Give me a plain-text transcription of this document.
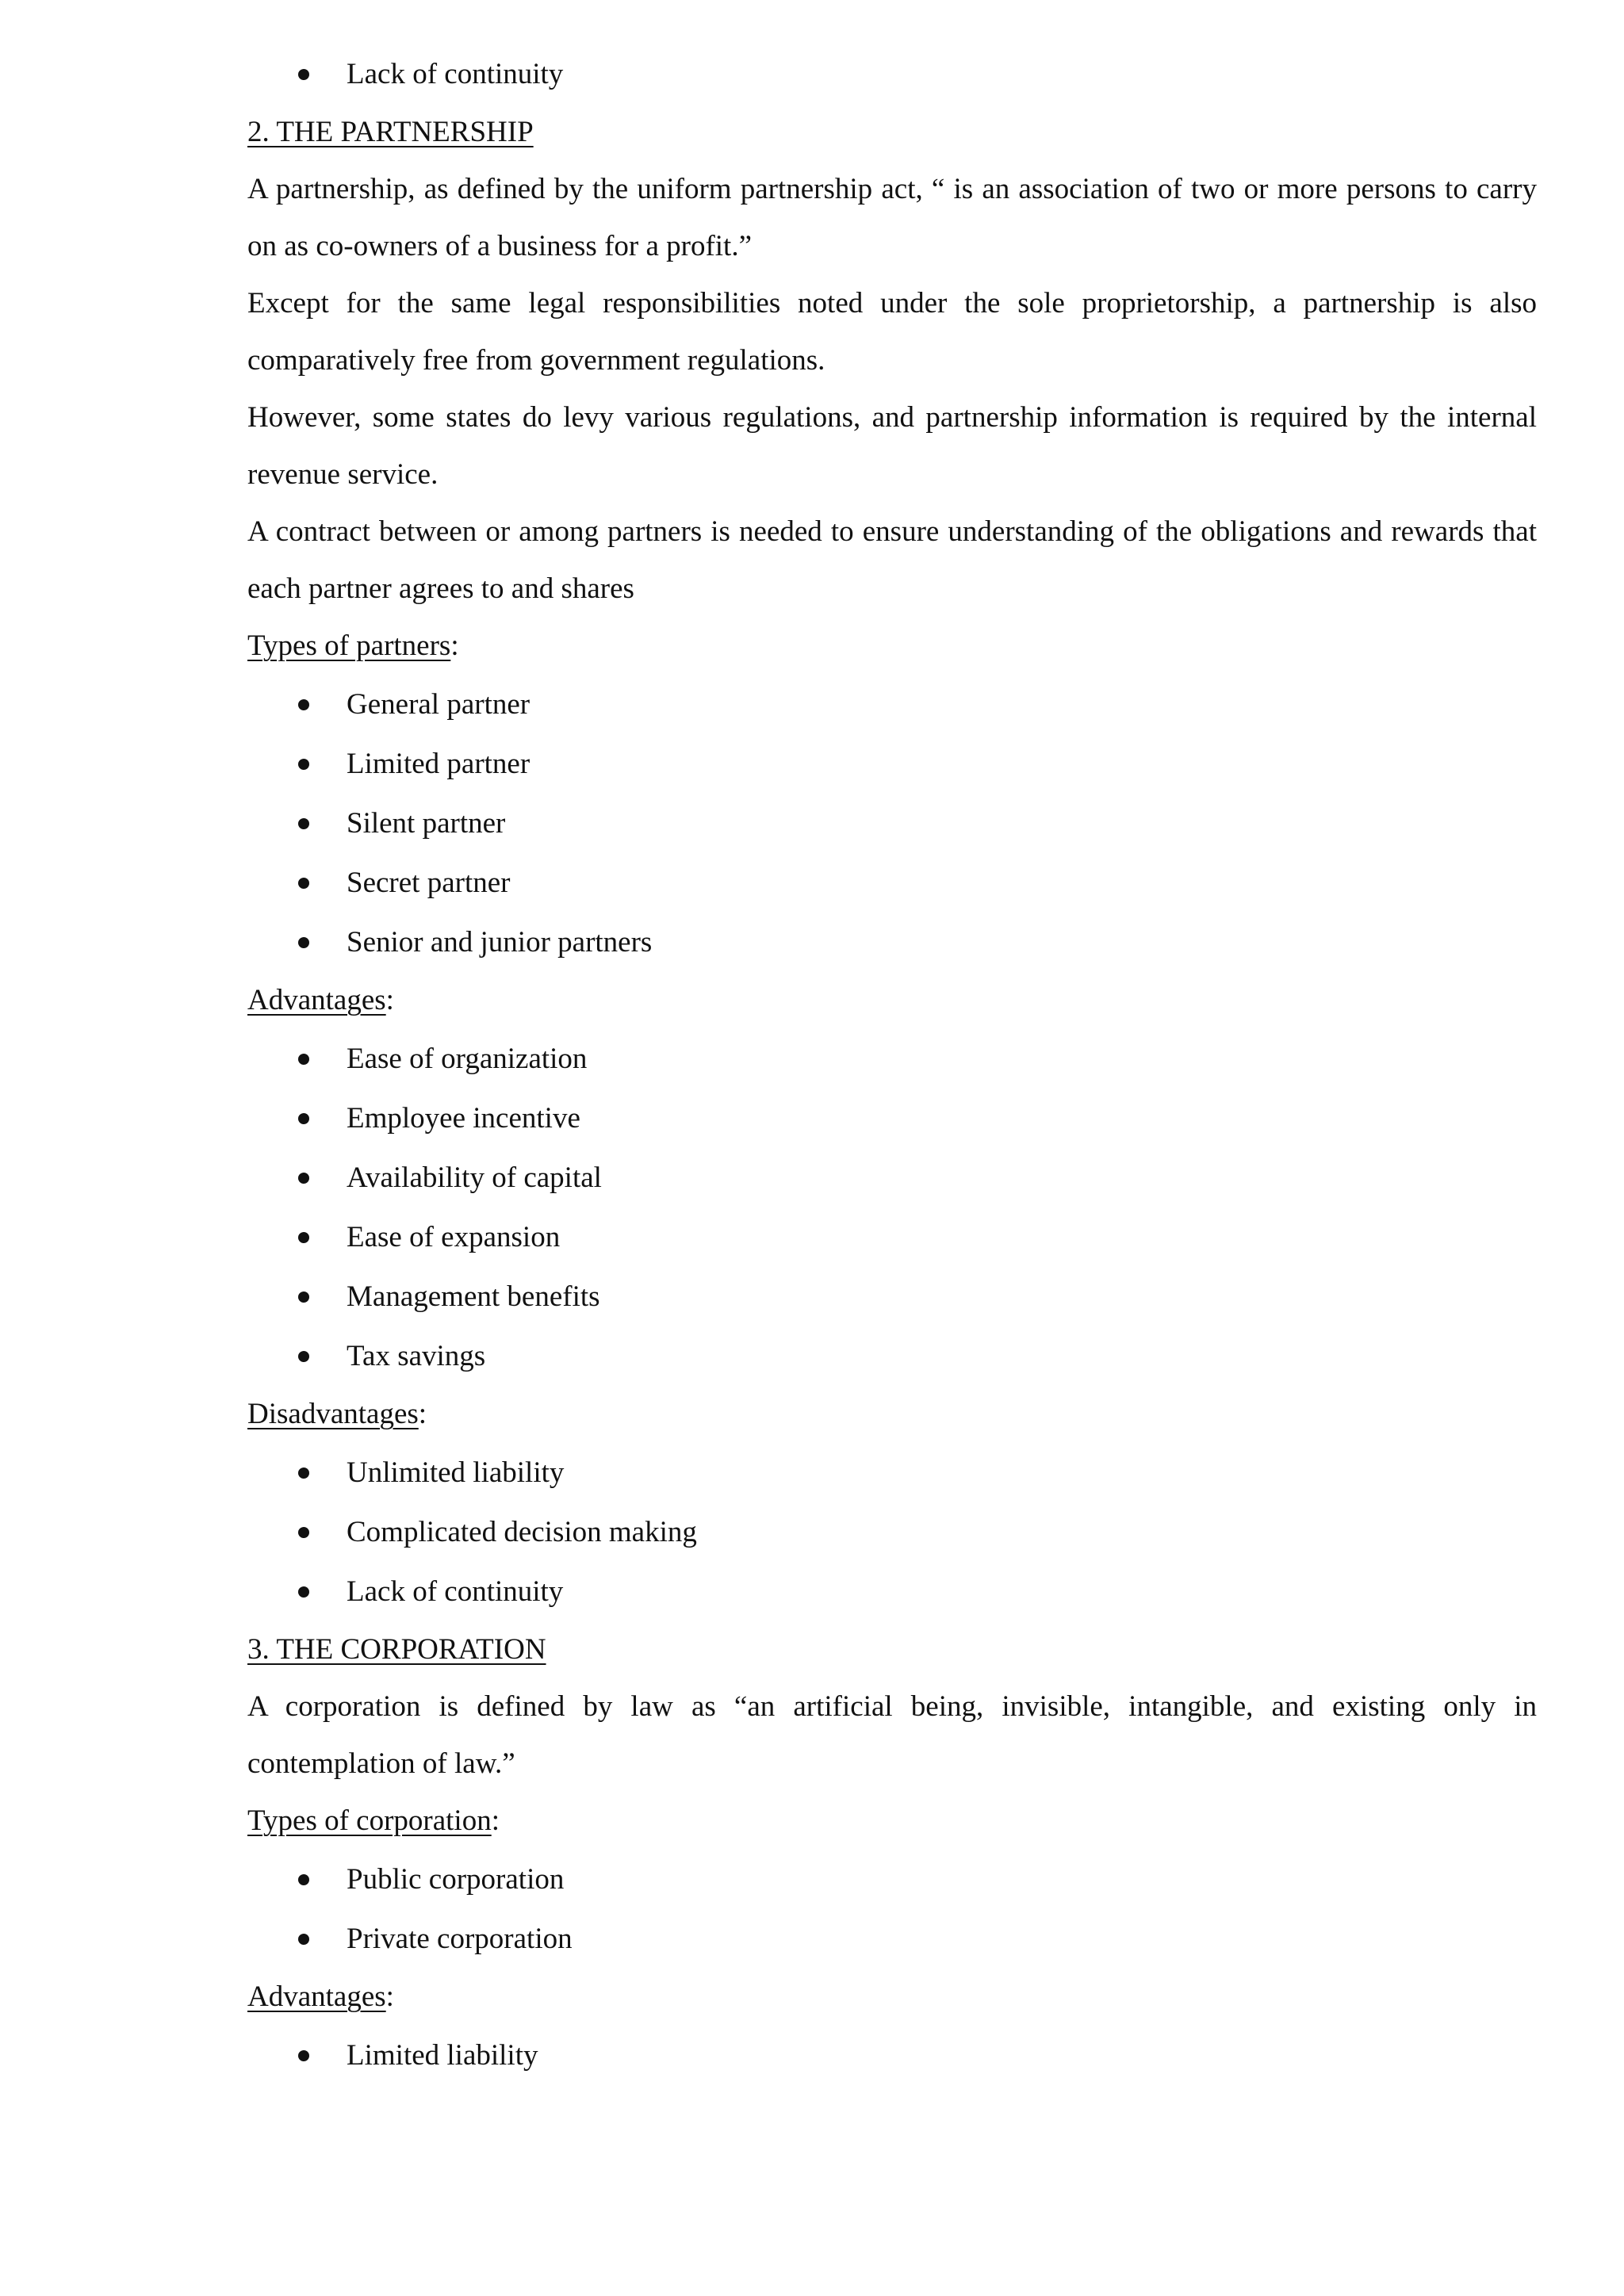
Lack of continuity
2. THE PARTNERSHIP
A partnership, as defined by the uniform partnership act, “ is an association of two or more persons to carry on as co-owners of a business for a profit.”
Except for the same legal responsibilities noted under the sole proprietorship, a partnership is also comparatively free from government regulations.
However, some states do levy various regulations, and partnership information is required by the internal revenue service.
A contract between or among partners is needed to ensure understanding of the obligations and rewards that each partner agrees to and shares
Types of partners:
General partner
Limited partner
Silent partner
Secret partner
Senior and junior partners
Advantages:
Ease of organization
Employee incentive
Availability of capital
Ease of expansion
Management benefits
Tax savings
Disadvantages:
Unlimited liability
Complicated decision making
Lack of continuity
3. THE CORPORATION
A corporation is defined by law as “an artificial being, invisible, intangible, and existing only in contemplation of law.”
Types of corporation:
Public corporation
Private corporation
Advantages:
Limited liability
